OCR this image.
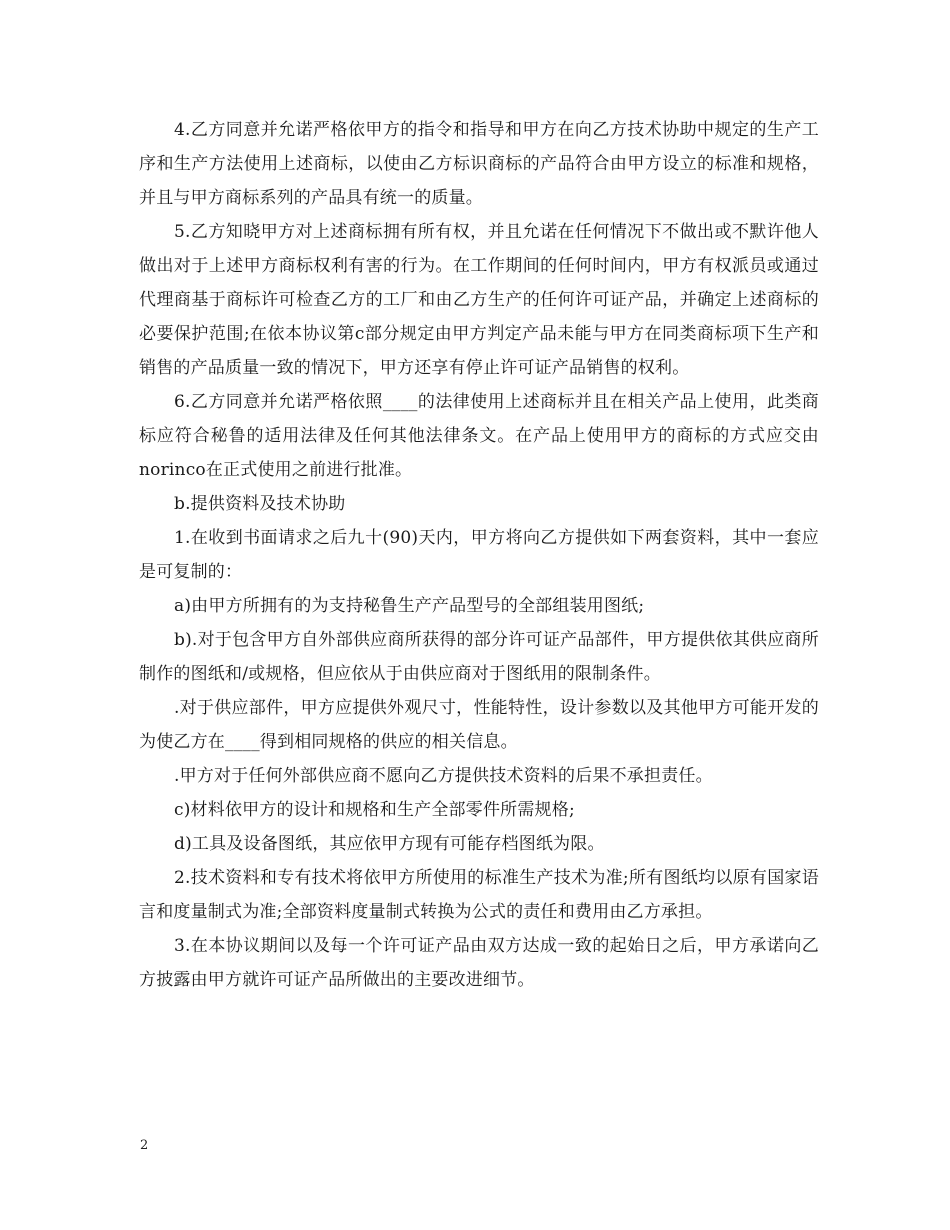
4.乙方同意并允诺严格依甲方的指令和指导和甲方在向乙方技术协助中规定的生产工序和生产方法使用上述商标，以使由乙方标识商标的产品符合由甲方设立的标准和规格，并且与甲方商标系列的产品具有统一的质量。

5.乙方知晓甲方对上述商标拥有所有权，并且允诺在任何情况下不做出或不默许他人做出对于上述甲方商标权利有害的行为。在工作期间的任何时间内，甲方有权派员或通过代理商基于商标许可检查乙方的工厂和由乙方生产的任何许可证产品，并确定上述商标的必要保护范围;在依本协议第c部分规定由甲方判定产品未能与甲方在同类商标项下生产和销售的产品质量一致的情况下，甲方还享有停止许可证产品销售的权利。

6.乙方同意并允诺严格依照____的法律使用上述商标并且在相关产品上使用，此类商标应符合秘鲁的适用法律及任何其他法律条文。在产品上使用甲方的商标的方式应交由norinco在正式使用之前进行批准。

b.提供资料及技术协助

1.在收到书面请求之后九十(90)天内，甲方将向乙方提供如下两套资料，其中一套应是可复制的：

a)由甲方所拥有的为支持秘鲁生产产品型号的全部组装用图纸;

b).对于包含甲方自外部供应商所获得的部分许可证产品部件，甲方提供依其供应商所制作的图纸和/或规格，但应依从于由供应商对于图纸用的限制条件。

.对于供应部件，甲方应提供外观尺寸，性能特性，设计参数以及其他甲方可能开发的为使乙方在____得到相同规格的供应的相关信息。

.甲方对于任何外部供应商不愿向乙方提供技术资料的后果不承担责任。

c)材料依甲方的设计和规格和生产全部零件所需规格;

d)工具及设备图纸，其应依甲方现有可能存档图纸为限。

2.技术资料和专有技术将依甲方所使用的标准生产技术为准;所有图纸均以原有国家语言和度量制式为准;全部资料度量制式转换为公式的责任和费用由乙方承担。

3.在本协议期间以及每一个许可证产品由双方达成一致的起始日之后，甲方承诺向乙方披露由甲方就许可证产品所做出的主要改进细节。

2
